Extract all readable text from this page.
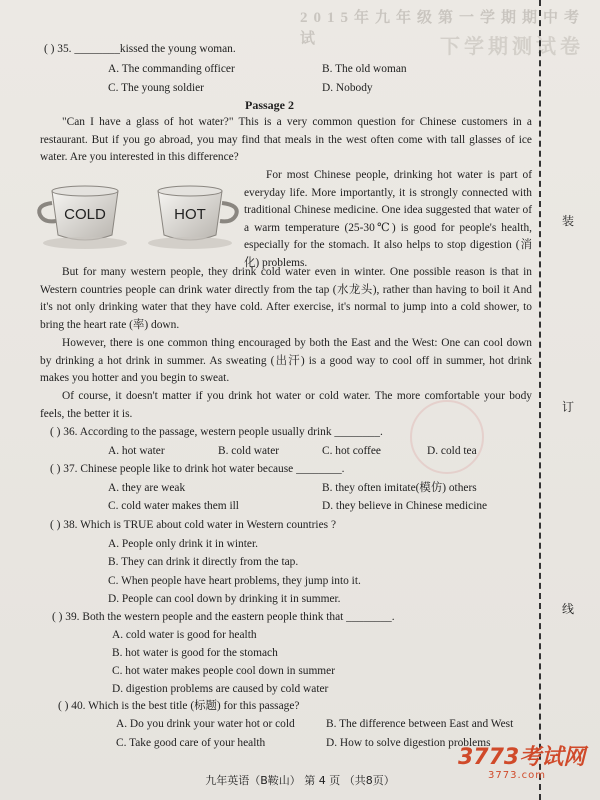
2015年九年级第一学期期中考试	下学期测试卷
( ) 35. ________kissed the young woman.
A. The commanding officer	B. The old woman
C. The young soldier	D. Nobody
Passage 2
"Can I have a glass of hot water?" This is a very common question for Chinese customers in a restaurant. But if you go abroad, you may find that meals in the west often come with tall glasses of ice water. Are you interested in this difference?
COLD	HOT
For most Chinese people, drinking hot water is part of everyday life. More importantly, it is strongly connected with traditional Chinese medicine. One idea suggested that water of a warm temperature (25-30℃) is good for people's health, especially for the stomach. It also helps to stop digestion (消化) problems.
But for many western people, they drink cold water even in winter. One possible reason is that in Western countries people can drink water directly from the tap (水龙头), rather than having to boil it And it's not only drinking water that they have cold. After exercise, it's normal to jump into a cold shower, to bring the heart rate (率) down.
However, there is one common thing encouraged by both the East and the West: One can cool down by drinking a hot drink in summer. As sweating (出汗) is a good way to cool off in summer, hot drink makes you hotter and you begin to sweat.
Of course, it doesn't matter if you drink hot water or cold water. The more comfortable your body feels, the better it is.
( ) 36. According to the passage, western people usually drink ________.
A. hot water	B. cold water	C. hot coffee	D. cold tea
( ) 37. Chinese people like to drink hot water because ________.
A. they are weak	B. they often imitate(模仿) others
C. cold water makes them ill	D. they believe in Chinese medicine
( ) 38. Which is TRUE about cold water in Western countries ?
A. People only drink it in winter.
B. They can drink it directly from the tap.
C. When people have heart problems, they jump into it.
D. People can cool down by drinking it in summer.
( ) 39. Both the western people and the eastern people think that ________.
A. cold water is good for health
B. hot water is good for the stomach
C. hot water makes people cool down in summer
D. digestion problems are caused by cold water
( ) 40. Which is the best title (标题) for this passage?
A. Do you drink your water hot or cold	B. The difference between East and West
C. Take good care of your health	D. How to solve digestion problems
装
订
线
九年英语（B鞍山） 第 4 页 （共8页）
3773考试网
3773.com
